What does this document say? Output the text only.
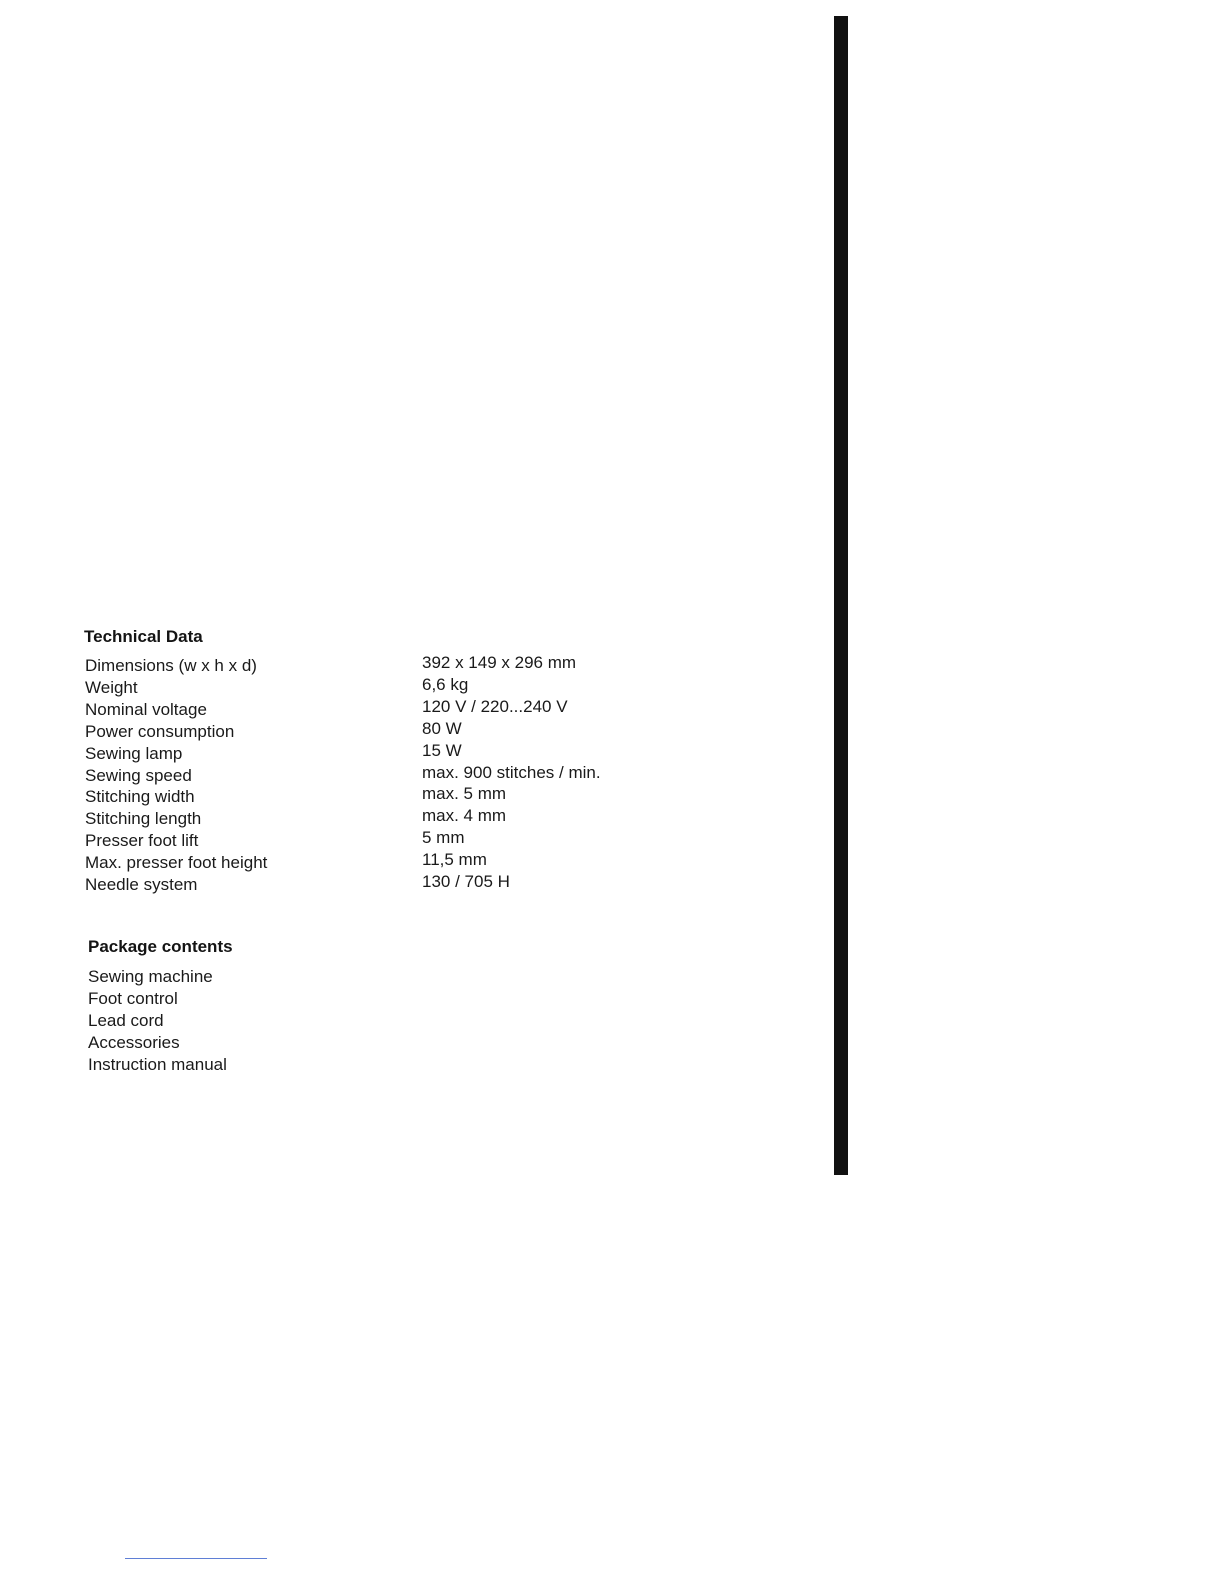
Technical Data
Dimensions (w x h x d)	392 x 149 x 296 mm
Weight	6,6 kg
Nominal voltage	120 V / 220...240 V
Power consumption	80 W
Sewing lamp	15 W
Sewing speed	max. 900 stitches / min.
Stitching width	max. 5 mm
Stitching length	max. 4 mm
Presser foot lift	5 mm
Max. presser foot height	11,5 mm
Needle system	130 / 705 H
Package contents
Sewing machine
Foot control
Lead cord
Accessories
Instruction manual
